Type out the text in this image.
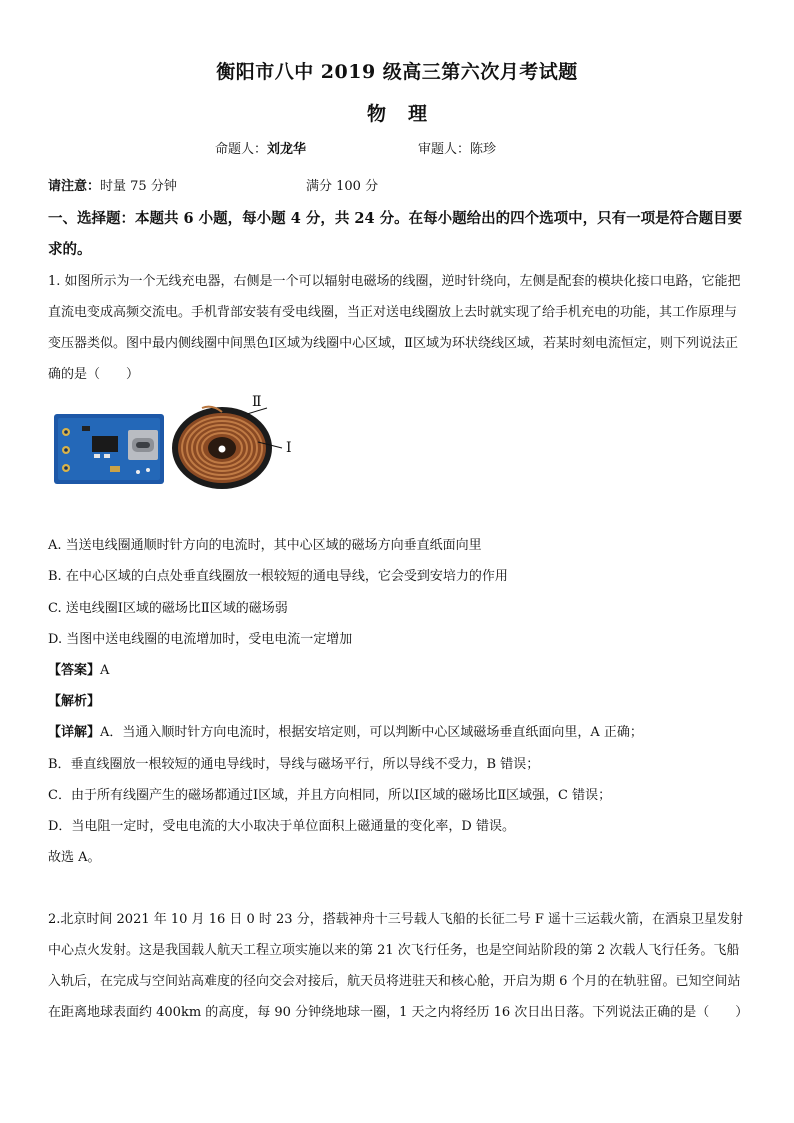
衡阳市八中 2019 级高三第六次月考试题
物理
命题人：刘龙华	审题人：陈珍
请注意：时量 75 分钟	满分 100 分
一、选择题：本题共 6 小题，每小题 4 分，共 24 分。在每小题给出的四个选项中，只有一项是符合题目要求的。
1. 如图所示为一个无线充电器，右侧是一个可以辐射电磁场的线圈，逆时针绕向，左侧是配套的模块化接口电路，它能把直流电变成高频交流电。手机背部安装有受电线圈，当正对送电线圈放上去时就实现了给手机充电的功能，其工作原理与变压器类似。图中最内侧线圈中间黑色Ⅰ区域为线圈中心区域，Ⅱ区域为环状绕线区域，若某时刻电流恒定，则下列说法正确的是（　　）
Ⅱ
I
A. 当送电线圈通顺时针方向的电流时，其中心区域的磁场方向垂直纸面向里
B. 在中心区域的白点处垂直线圈放一根较短的通电导线，它会受到安培力的作用
C. 送电线圈Ⅰ区域的磁场比Ⅱ区域的磁场弱
D. 当图中送电线圈的电流增加时，受电电流一定增加
【答案】A
【解析】
【详解】A．当通入顺时针方向电流时，根据安培定则，可以判断中心区域磁场垂直纸面向里，A 正确；
B．垂直线圈放一根较短的通电导线时，导线与磁场平行，所以导线不受力，B 错误；
C．由于所有线圈产生的磁场都通过Ⅰ区域，并且方向相同，所以Ⅰ区域的磁场比Ⅱ区域强，C 错误；
D．当电阻一定时，受电电流的大小取决于单位面积上磁通量的变化率，D 错误。
故选 A。
2.北京时间 2021 年 10 月 16 日 0 时 23 分，搭载神舟十三号载人飞船的长征二号 F 遥十三运载火箭，在酒泉卫星发射中心点火发射。这是我国载人航天工程立项实施以来的第 21 次飞行任务，也是空间站阶段的第 2 次载人飞行任务。飞船入轨后，在完成与空间站高难度的径向交会对接后，航天员将进驻天和核心舱，开启为期 6 个月的在轨驻留。已知空间站在距离地球表面约 400km 的高度，每 90 分钟绕地球一圈，1 天之内将经历 16 次日出日落。下列说法正确的是（　　）
